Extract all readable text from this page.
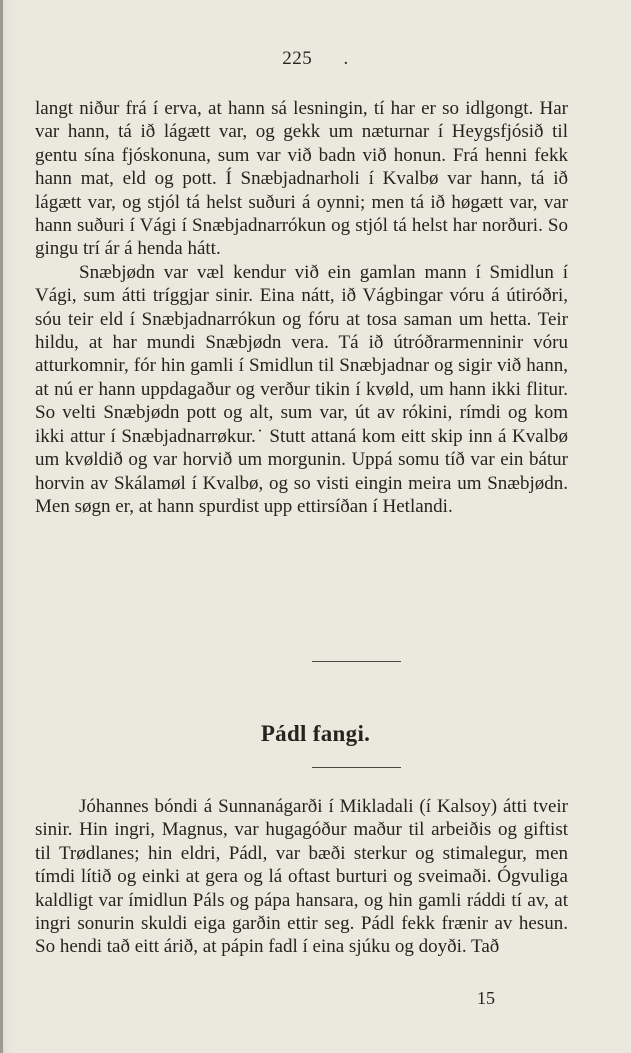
225 .

langt niður frá í erva, at hann sá lesningin, tí har er so idlgongt. Har var hann, tá ið lágætt var, og gekk um næturnar í Heygsfjósið til gentu sína fjóskonuna, sum var við badn við honun. Frá henni fekk hann mat, eld og pott. Í Snæbjadnarholi í Kvalbø var hann, tá ið lágætt var, og stjól tá helst suðuri á oynni; men tá ið høgætt var, var hann suðuri í Vági í Snæbjadnarrókun og stjól tá helst har norðuri. So gingu trí ár á henda hátt.

Snæbjødn var væl kendur við ein gamlan mann í Smidlun í Vági, sum átti tríggjar sinir. Eina nátt, ið Vágbingar vóru á útiróðri, sóu teir eld í Snæbjadnarrókun og fóru at tosa saman um hetta. Teir hildu, at har mundi Snæbjødn vera. Tá ið útróðrarmenninir vóru atturkomnir, fór hin gamli í Smidlun til Snæbjadnar og sigir við hann, at nú er hann uppdagaður og verður tikin í kvøld, um hann ikki flitur. So velti Snæbjødn pott og alt, sum var, út av rókini, rímdi og kom ikki attur í Snæbjadnarrøkur.˙ Stutt attaná kom eitt skip inn á Kvalbø um kvøldið og var horvið um morgunin. Uppá somu tíð var ein bátur horvin av Skálamøl í Kvalbø, og so visti eingin meira um Snæbjødn. Men søgn er, at hann spurdist upp ettirsíðan í Hetlandi.

Pádl fangi.

Jóhannes bóndi á Sunnanágarði í Mikladali (í Kalsoy) átti tveir sinir. Hin ingri, Magnus, var hugagóður maður til arbeiðis og giftist til Trødlanes; hin eldri, Pádl, var bæði sterkur og stimalegur, men tímdi lítið og einki at gera og lá oftast burturi og sveimaði. Ógvuliga kaldligt var ímidlun Páls og pápa hansara, og hin gamli ráddi tí av, at ingri sonurin skuldi eiga garðin ettir seg. Pádl fekk frænir av hesun. So hendi tað eitt árið, at pápin fadl í eina sjúku og doyði. Tað

15
